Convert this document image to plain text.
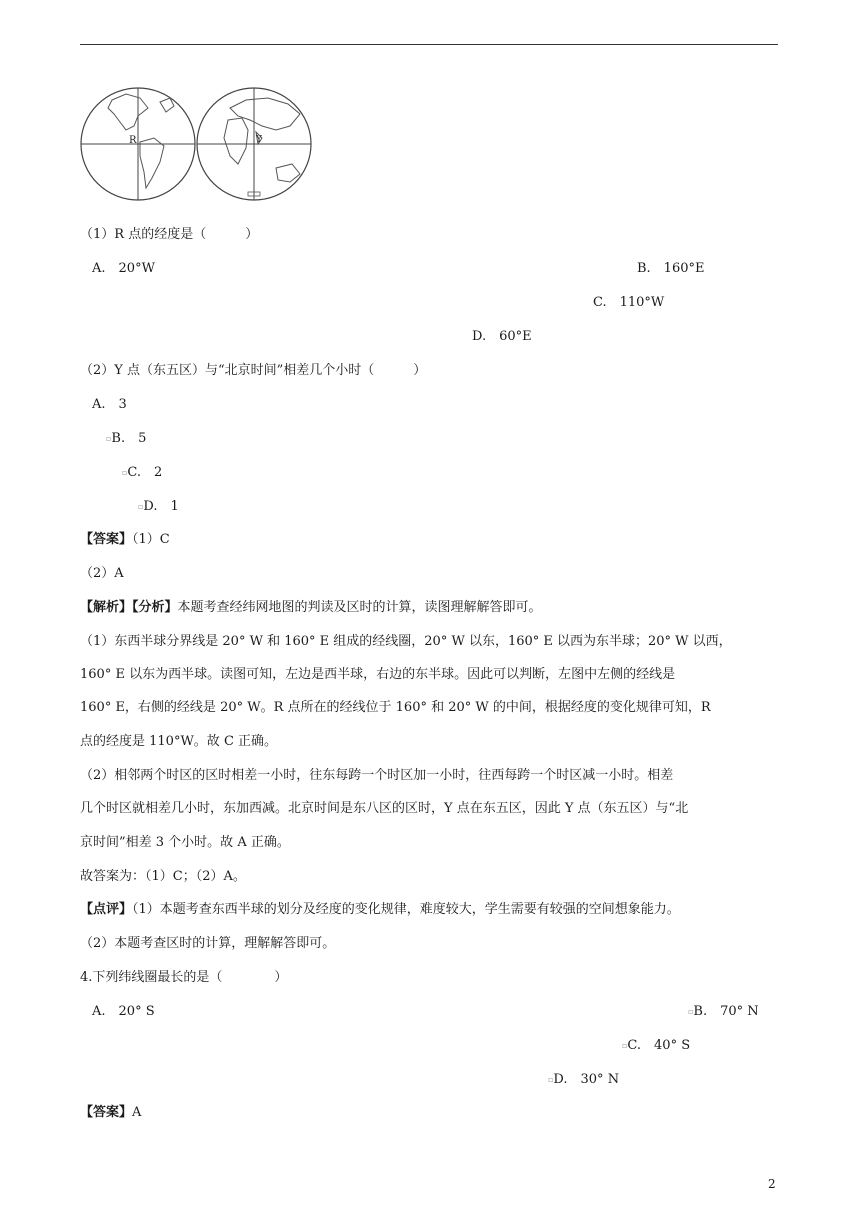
R	Y
（1）R 点的经度是（　　　）
A.　20°W	B.　160°E
C.　110°W
D.　60°E
（2）Y 点（东五区）与“北京时间”相差几个小时（　　　）
A.　3
▫B.　5
▫C.　2
▫D.　1
【答案】（1）C
（2）A
【解析】【分析】本题考查经纬网地图的判读及区时的计算，读图理解解答即可。
（1）东西半球分界线是 20° W 和 160° E 组成的经线圈，20° W 以东，160° E 以西为东半球；20° W 以西，
160° E 以东为西半球。读图可知，左边是西半球，右边的东半球。因此可以判断，左图中左侧的经线是
160° E，右侧的经线是 20° W。R 点所在的经线位于 160° 和 20° W 的中间，根据经度的变化规律可知，R
点的经度是 110°W。故 C 正确。
（2）相邻两个时区的区时相差一小时，往东每跨一个时区加一小时，往西每跨一个时区减一小时。相差
几个时区就相差几小时，东加西减。北京时间是东八区的区时，Y 点在东五区，因此 Y 点（东五区）与“北
京时间”相差 3 个小时。故 A 正确。
故答案为：（1）C；（2）A。
【点评】（1）本题考查东西半球的划分及经度的变化规律，难度较大，学生需要有较强的空间想象能力。
（2）本题考查区时的计算，理解解答即可。
4.下列纬线圈最长的是（　　　　）
A.　20° S	▫B.　70° N
▫C.　40° S
▫D.　30° N
【答案】A
2
